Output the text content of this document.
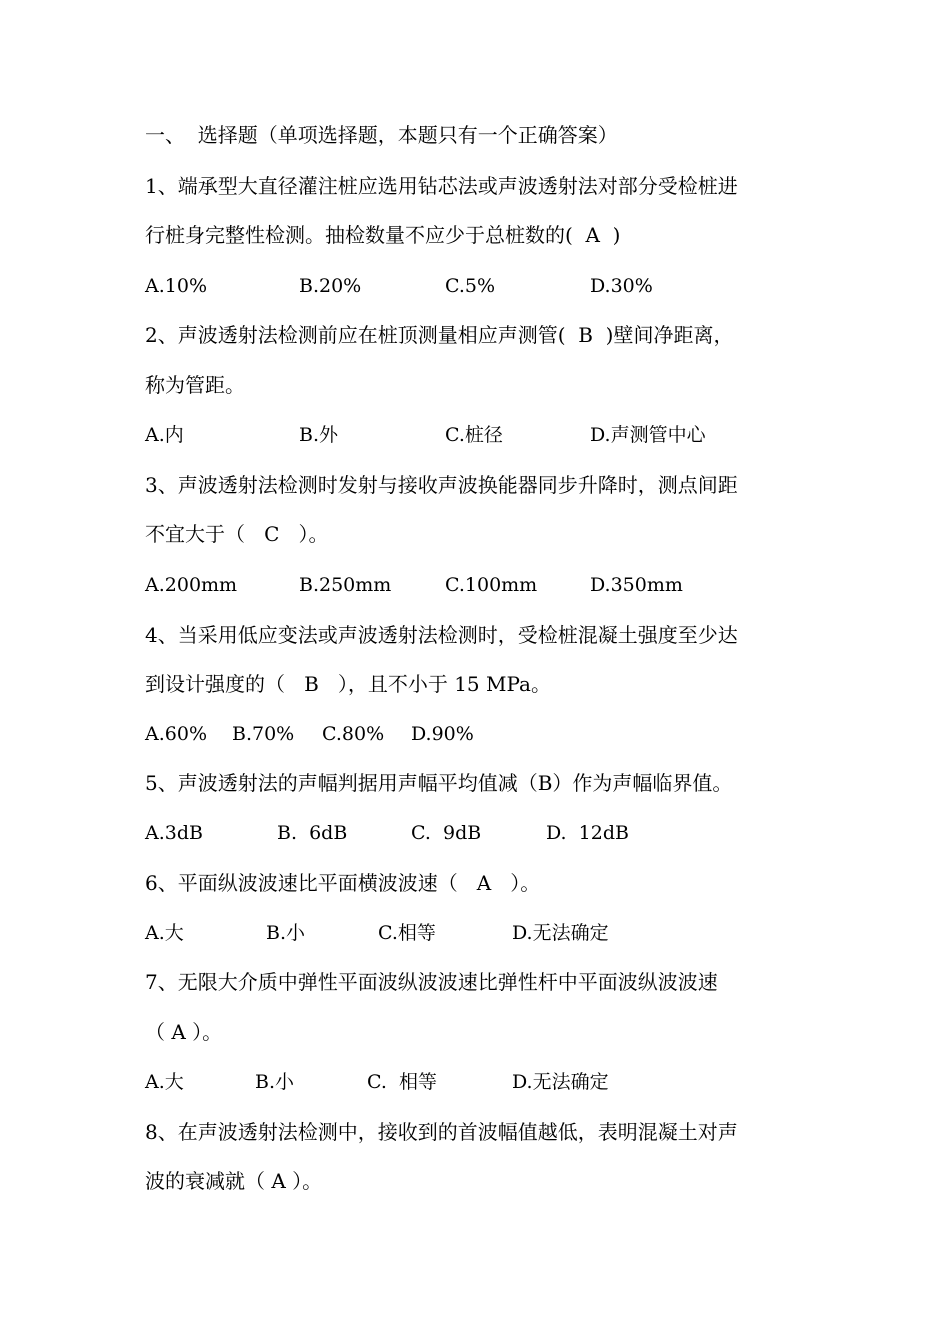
一、  选择题（单项选择题，本题只有一个正确答案）
1、端承型大直径灌注桩应选用钻芯法或声波透射法对部分受检桩进
行桩身完整性检测。抽检数量不应少于总桩数的(  A  )
A.10%	B.20%	C.5%	D.30%
2、声波透射法检测前应在桩顶测量相应声测管(  B  )壁间净距离，
称为管距。
A.内	B.外	C.桩径	D.声测管中心
3、声波透射法检测时发射与接收声波换能器同步升降时，测点间距
不宜大于（   C   ）。
A.200mm	B.250mm	C.100mm	D.350mm
4、当采用低应变法或声波透射法检测时，受检桩混凝土强度至少达
到设计强度的（   B   ），且不小于 15 MPa。
A.60% B.70% C.80% D.90%
5、声波透射法的声幅判据用声幅平均值减（B）作为声幅临界值。
A.3dB	B.  6dB	C.  9dB	D.  12dB
6、平面纵波波速比平面横波波速（   A   ）。
A.大	B.小	C.相等	D.无法确定
7、无限大介质中弹性平面波纵波波速比弹性杆中平面波纵波波速
（ A ）。
A.大	B.小	C.  相等	D.无法确定
8、在声波透射法检测中，接收到的首波幅值越低，表明混凝土对声
波的衰减就（ A ）。
